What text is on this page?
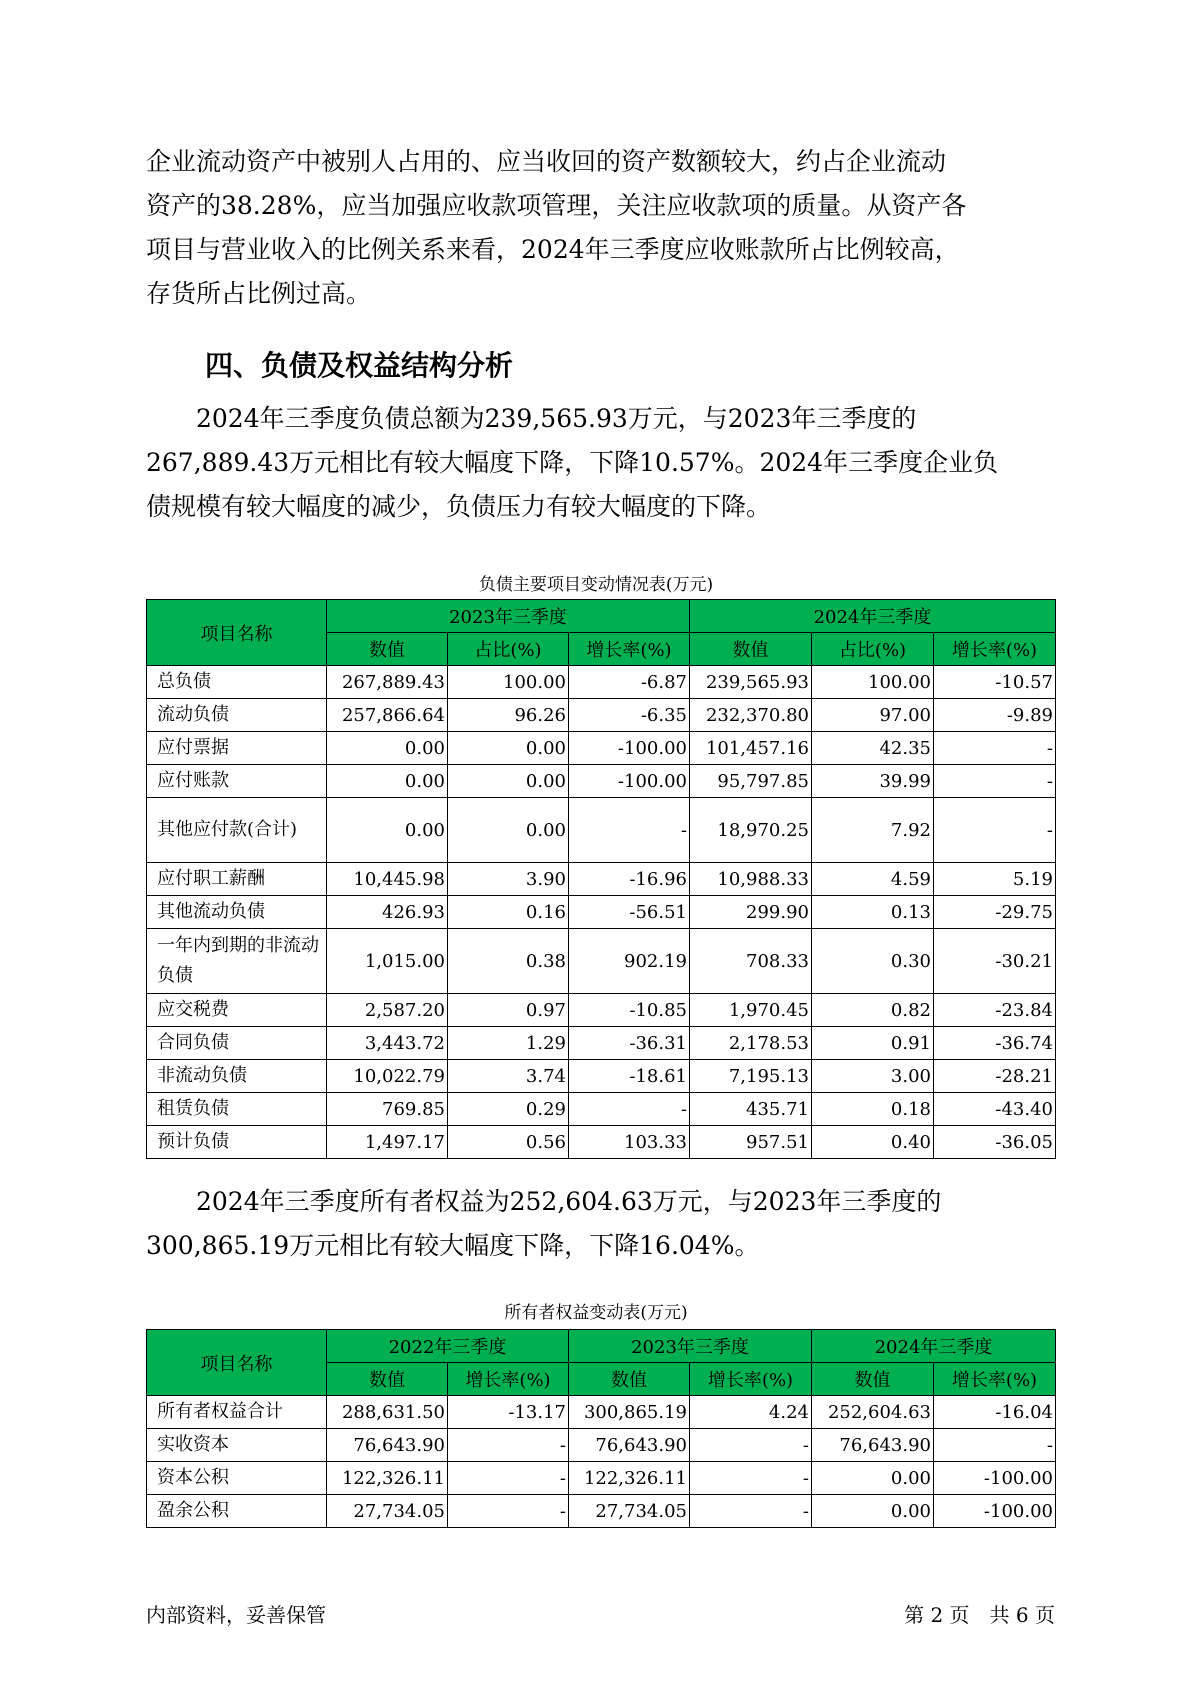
企业流动资产中被别人占用的、应当收回的资产数额较大，约占企业流动
资产的38.28%，应当加强应收款项管理，关注应收款项的质量。从资产各
项目与营业收入的比例关系来看，2024年三季度应收账款所占比例较高，
存货所占比例过高。
四、负债及权益结构分析
　　2024年三季度负债总额为239,565.93万元，与2023年三季度的
267,889.43万元相比有较大幅度下降，下降10.57%。2024年三季度企业负
债规模有较大幅度的减少，负债压力有较大幅度的下降。
负债主要项目变动情况表(万元)
项目名称	2023年三季度			2024年三季度		
	数值	占比(%)	增长率(%)	数值	占比(%)	增长率(%)
总负债	267,889.43	100.00	-6.87	239,565.93	100.00	-10.57
流动负债	257,866.64	96.26	-6.35	232,370.80	97.00	-9.89
应付票据	0.00	0.00	-100.00	101,457.16	42.35	-
应付账款	0.00	0.00	-100.00	95,797.85	39.99	-
其他应付款(合计)	0.00	0.00	-	18,970.25	7.92	-
应付职工薪酬	10,445.98	3.90	-16.96	10,988.33	4.59	5.19
其他流动负债	426.93	0.16	-56.51	299.90	0.13	-29.75
一年内到期的非流动负债	1,015.00	0.38	902.19	708.33	0.30	-30.21
应交税费	2,587.20	0.97	-10.85	1,970.45	0.82	-23.84
合同负债	3,443.72	1.29	-36.31	2,178.53	0.91	-36.74
非流动负债	10,022.79	3.74	-18.61	7,195.13	3.00	-28.21
租赁负债	769.85	0.29	-	435.71	0.18	-43.40
预计负债	1,497.17	0.56	103.33	957.51	0.40	-36.05
　　2024年三季度所有者权益为252,604.63万元，与2023年三季度的
300,865.19万元相比有较大幅度下降，下降16.04%。
所有者权益变动表(万元)
项目名称	2022年三季度		2023年三季度		2024年三季度	
	数值	增长率(%)	数值	增长率(%)	数值	增长率(%)
所有者权益合计	288,631.50	-13.17	300,865.19	4.24	252,604.63	-16.04
实收资本	76,643.90	-	76,643.90	-	76,643.90	-
资本公积	122,326.11	-	122,326.11	-	0.00	-100.00
盈余公积	27,734.05	-	27,734.05	-	0.00	-100.00
内部资料，妥善保管	第 2 页　共 6 页
